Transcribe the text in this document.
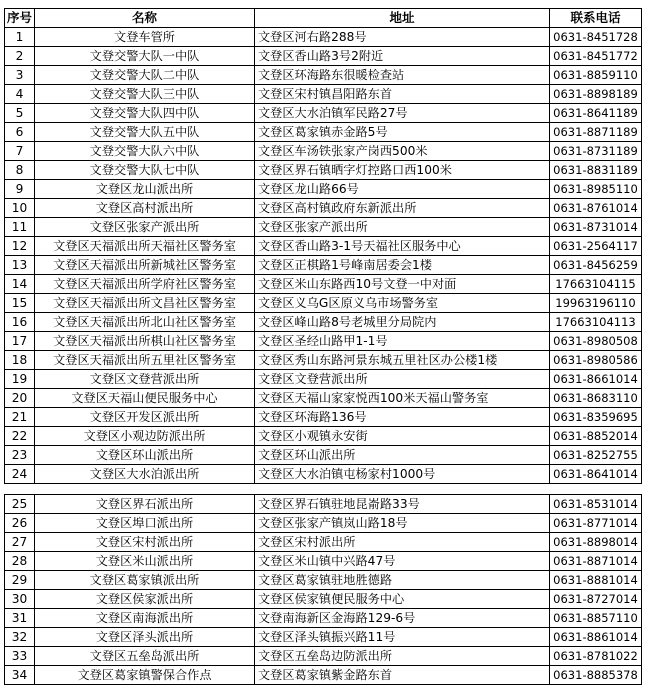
序号	名称	地址	联系电话
1	文登车管所	文登区河右路288号	0631-8451728
2	文登交警大队一中队	文登区香山路3号2附近	0631-8451772
3	文登交警大队二中队	文登区环海路东很暖检查站	0631-8859110
4	文登交警大队三中队	文登区宋村镇昌阳路东首	0631-8898189
5	文登交警大队四中队	文登区大水泊镇军民路27号	0631-8641189
6	文登交警大队五中队	文登区葛家镇赤金路5号	0631-8871189
7	文登交警大队六中队	文登区车汤铁张家产岗西500米	0631-8731189
8	文登交警大队七中队	文登区界石镇晒字灯控路口西100米	0631-8831189
9	文登区龙山派出所	文登区龙山路66号	0631-8985110
10	文登区高村派出所	文登区高村镇政府东新派出所	0631-8761014
11	文登区张家产派出所	文登区张家产派出所	0631-8731014
12	文登区天福派出所天福社区警务室	文登区香山路3-1号天福社区服务中心	0631-2564117
13	文登区天福派出所新城社区警务室	文登区正棋路1号峰南居委会1楼	0631-8456259
14	文登区天福派出所学府社区警务室	文登区米山东路西10号文登一中对面	17663104115
15	文登区天福派出所文昌社区警务室	文登区义乌G区原义乌市场警务室	19963196110
16	文登区天福派出所北山社区警务室	文登区峰山路8号老城里分局院内	17663104113
17	文登区天福派出所棋山社区警务室	文登区圣经山路甲1-1号	0631-8980508
18	文登区天福派出所五里社区警务室	文登区秀山东路河景东城五里社区办公楼1楼	0631-8980586
19	文登区文登营派出所	文登区文登营派出所	0631-8661014
20	文登区天福山便民服务中心	文登区天福山家家悦西100米天福山警务室	0631-8683110
21	文登区开发区派出所	文登区环海路136号	0631-8359695
22	文登区小观边防派出所	文登区小观镇永安街	0631-8852014
23	文登区环山派出所	文登区环山派出所	0631-8252755
24	文登区大水泊派出所	文登区大水泊镇屯杨家村1000号	0631-8641014
25	文登区界石派出所	文登区界石镇驻地昆嵛路33号	0631-8531014
26	文登区埠口派出所	文登区张家产镇岚山路18号	0631-8771014
27	文登区宋村派出所	文登区宋村派出所	0631-8898014
28	文登区米山派出所	文登区米山镇中兴路47号	0631-8871014
29	文登区葛家镇派出所	文登区葛家镇驻地胜德路	0631-8881014
30	文登区侯家派出所	文登区侯家镇便民服务中心	0631-8727014
31	文登区南海派出所	文登南海新区金海路129-6号	0631-8857110
32	文登区泽头派出所	文登区泽头镇振兴路11号	0631-8861014
33	文登区五垒岛派出所	文登区五垒岛边防派出所	0631-8781022
34	文登区葛家镇警保合作点	文登区葛家镇紫金路东首	0631-8885378
